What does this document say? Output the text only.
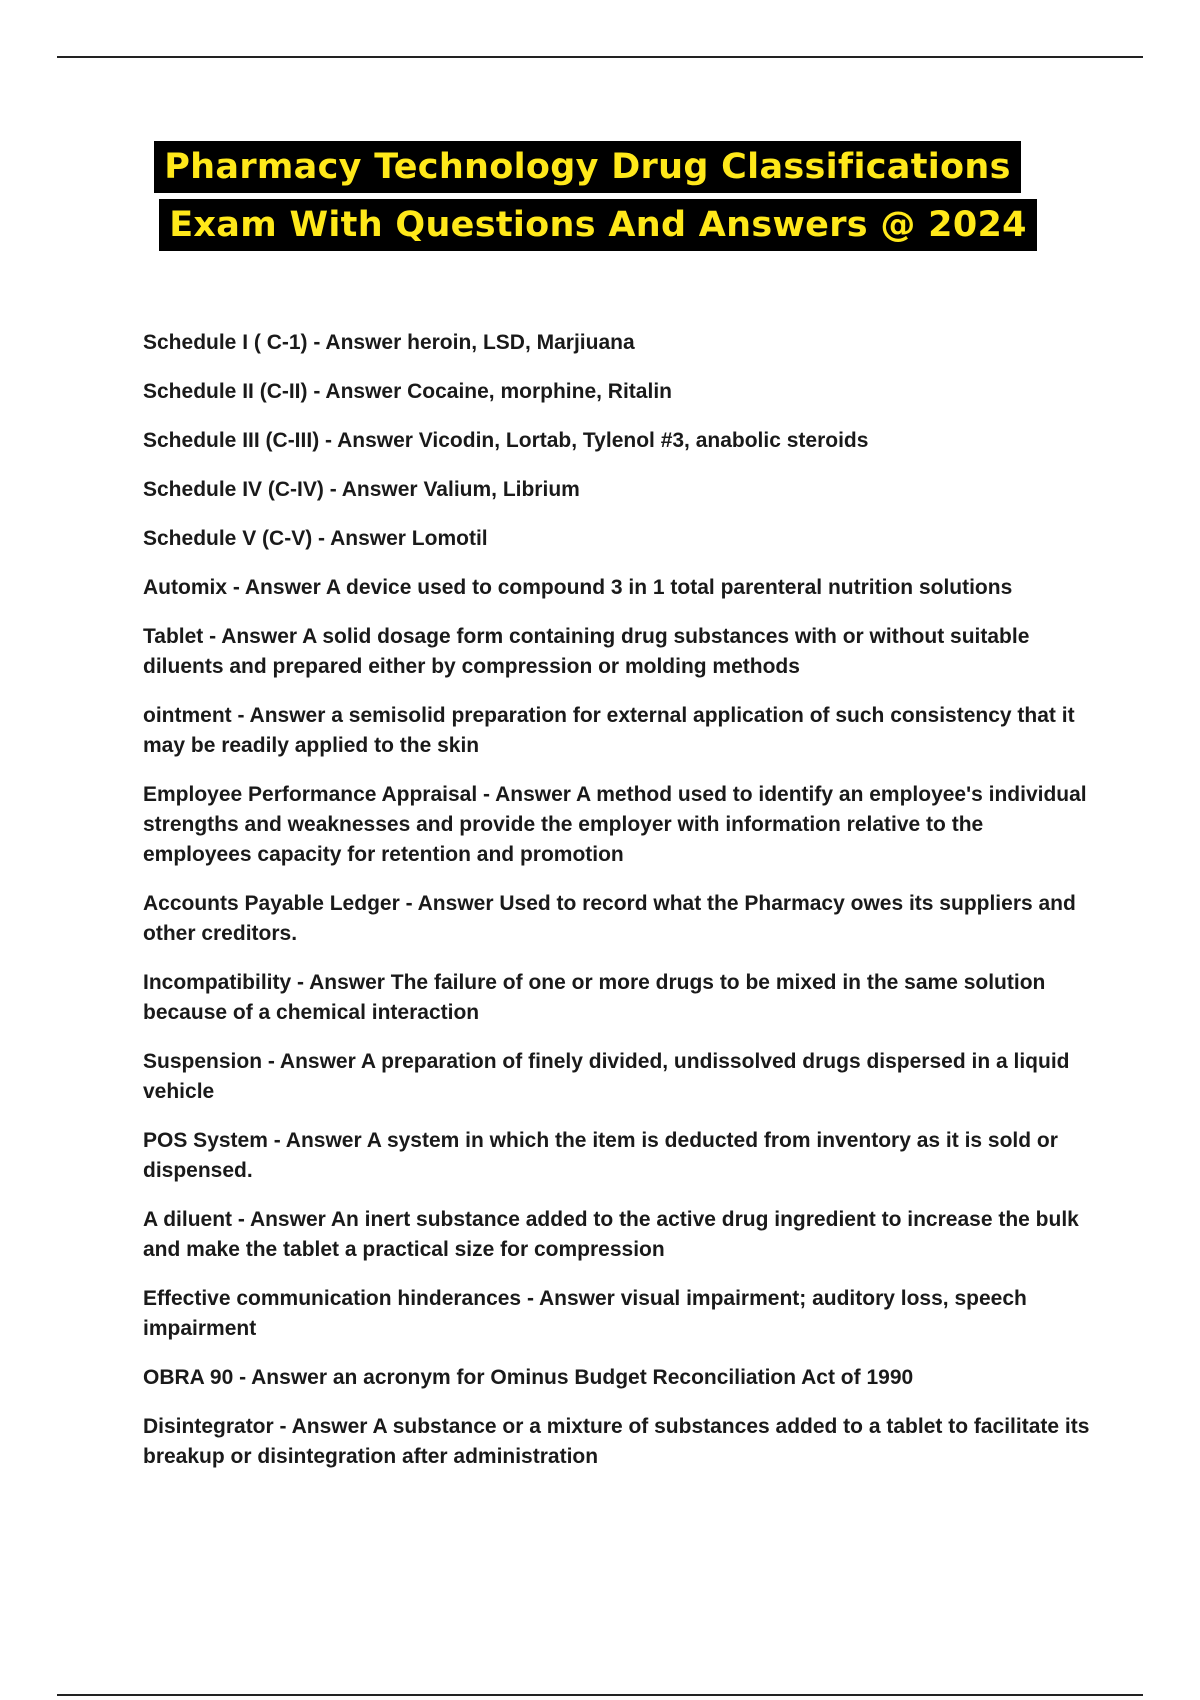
Pharmacy Technology Drug Classifications
Exam With Questions And Answers @ 2024
Schedule I ( C-1) - Answer heroin, LSD, Marjiuana
Schedule II (C-II) - Answer Cocaine, morphine, Ritalin
Schedule III (C-III) - Answer Vicodin, Lortab, Tylenol #3, anabolic steroids
Schedule IV (C-IV) - Answer Valium, Librium
Schedule V (C-V) - Answer Lomotil
Automix - Answer A device used to compound 3 in 1 total parenteral nutrition solutions
Tablet - Answer A solid dosage form containing drug substances with or without suitable diluents and prepared either by compression or molding methods
ointment - Answer a semisolid preparation for external application of such consistency that it may be readily applied to the skin
Employee Performance Appraisal - Answer A method used to identify an employee's individual strengths and weaknesses and provide the employer with information relative to the employees capacity for retention and promotion
Accounts Payable Ledger - Answer Used to record what the Pharmacy owes its suppliers and other creditors.
Incompatibility - Answer The failure of one or more drugs to be mixed in the same solution because of a chemical interaction
Suspension - Answer A preparation of finely divided, undissolved drugs dispersed in a liquid vehicle
POS System - Answer A system in which the item is deducted from inventory as it is sold or dispensed.
A diluent - Answer An inert substance added to the active drug ingredient to increase the bulk and make the tablet a practical size for compression
Effective communication hinderances - Answer visual impairment; auditory loss, speech impairment
OBRA 90 - Answer an acronym for Ominus Budget Reconciliation Act of 1990
Disintegrator - Answer A substance or a mixture of substances added to a tablet to facilitate its breakup or disintegration after administration
